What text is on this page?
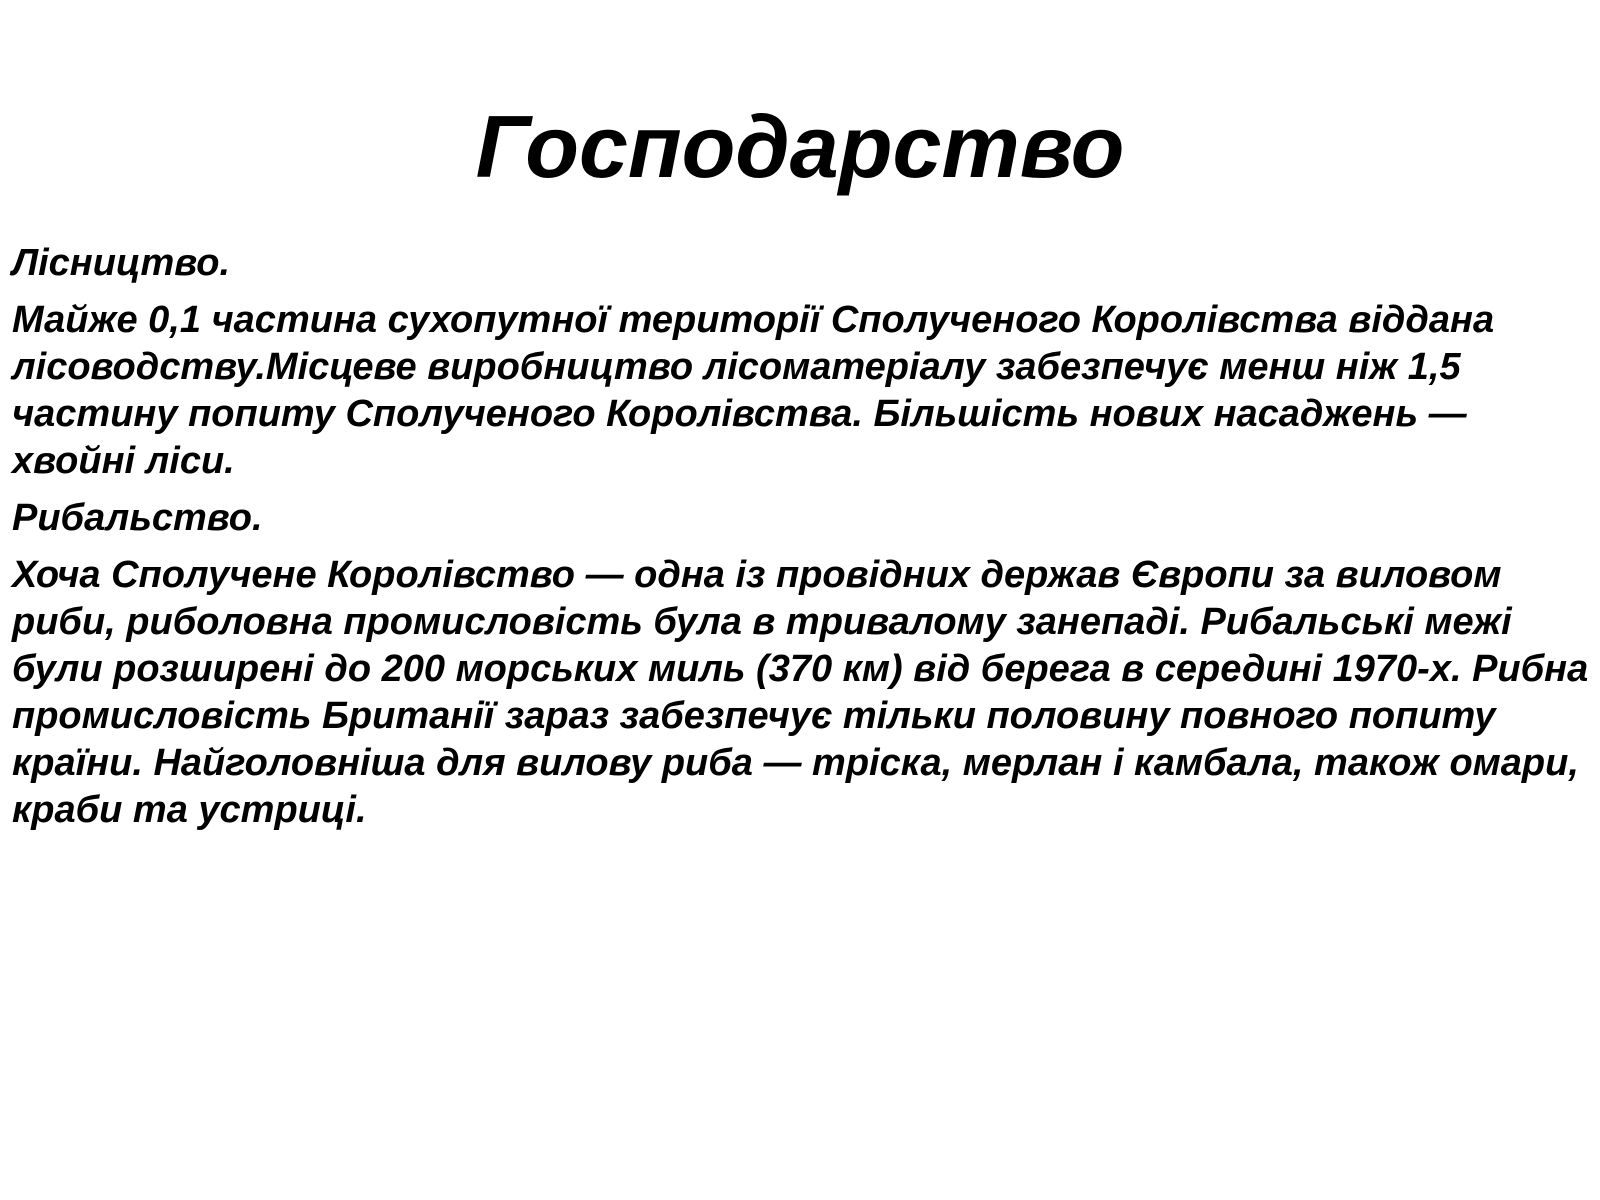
Господарство

Лісництво.

Майже 0,1 частина сухопутної території Сполученого Королівства віддана лісоводству.Місцеве виробництво лісоматеріалу забезпечує менш ніж 1,5 частину попиту Сполученого Королівства. Більшість нових насаджень — хвойні ліси.

Рибальство.

Хоча Сполучене Королівство — одна із провідних держав Європи за виловом риби, риболовна промисловість була в тривалому занепаді. Рибальські межі були розширені до 200 морських миль (370 км) від берега в середині 1970-х. Рибна промисловість Британії зараз забезпечує тільки половину повного попиту країни. Найголовніша для вилову риба — тріска, мерлан і камбала, також омари, краби та устриці.
